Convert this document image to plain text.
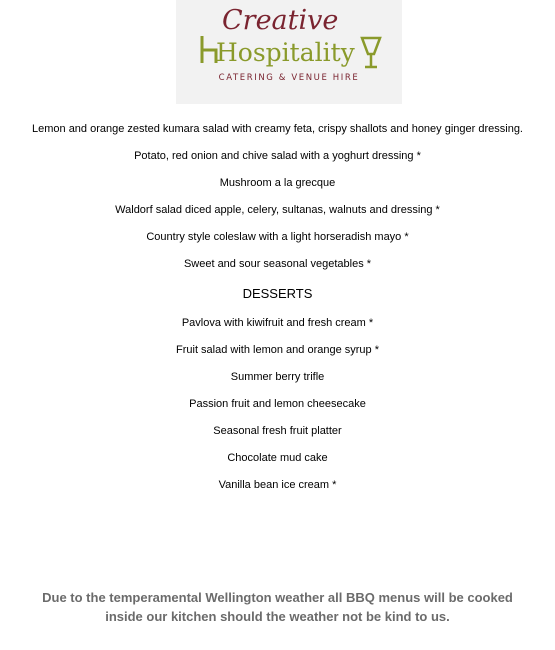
Creative
Hospitality
CATERING & VENUE HIRE
Lemon and orange zested kumara salad with creamy feta, crispy shallots and honey ginger dressing.
Potato, red onion and chive salad with a yoghurt dressing *
Mushroom a la grecque
Waldorf salad diced apple, celery, sultanas, walnuts and dressing *
Country style coleslaw with a light horseradish mayo *
Sweet and sour seasonal vegetables *
DESSERTS
Pavlova with kiwifruit and fresh cream *
Fruit salad with lemon and orange syrup *
Summer berry trifle
Passion fruit and lemon cheesecake
Seasonal fresh fruit platter
Chocolate mud cake
Vanilla bean ice cream *
Due to the temperamental Wellington weather all BBQ menus will be cooked
inside our kitchen should the weather not be kind to us.
